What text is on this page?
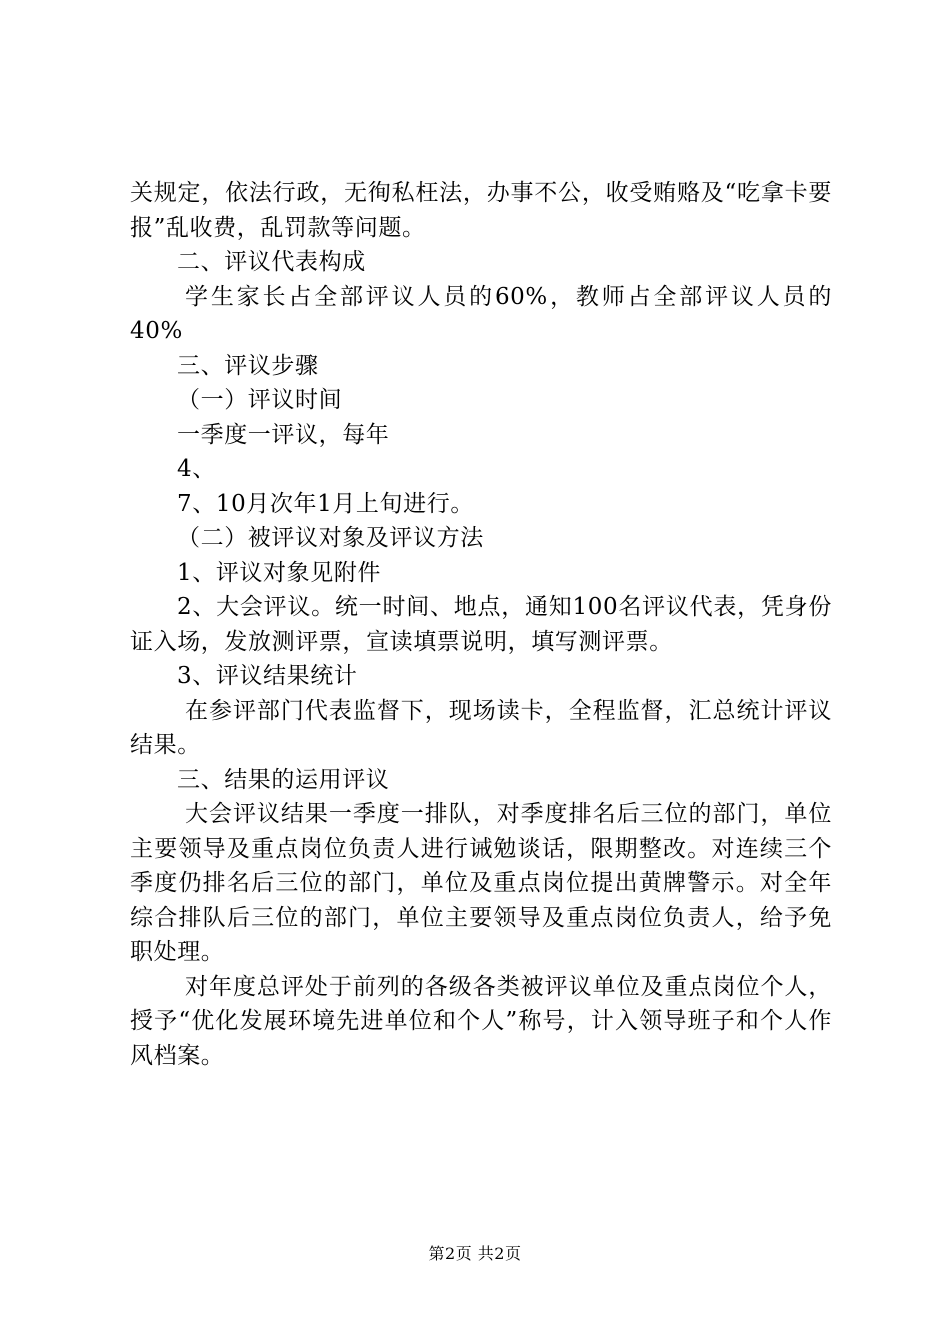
关规定，依法行政，无徇私枉法，办事不公，收受贿赂及“吃拿卡要报”乱收费，乱罚款等问题。

二、评议代表构成

学生家长占全部评议人员的60%，教师占全部评议人员的40%

三、评议步骤

（一）评议时间

一季度一评议，每年

4、

7、10月次年1月上旬进行。

（二）被评议对象及评议方法

1、评议对象见附件

2、大会评议。统一时间、地点，通知100名评议代表，凭身份证入场，发放测评票，宣读填票说明，填写测评票。

3、评议结果统计

在参评部门代表监督下，现场读卡，全程监督，汇总统计评议结果。

三、结果的运用评议

大会评议结果一季度一排队，对季度排名后三位的部门，单位主要领导及重点岗位负责人进行诫勉谈话，限期整改。对连续三个季度仍排名后三位的部门，单位及重点岗位提出黄牌警示。对全年综合排队后三位的部门，单位主要领导及重点岗位负责人，给予免职处理。

对年度总评处于前列的各级各类被评议单位及重点岗位个人，授予“优化发展环境先进单位和个人”称号，计入领导班子和个人作风档案。

第2页 共2页
